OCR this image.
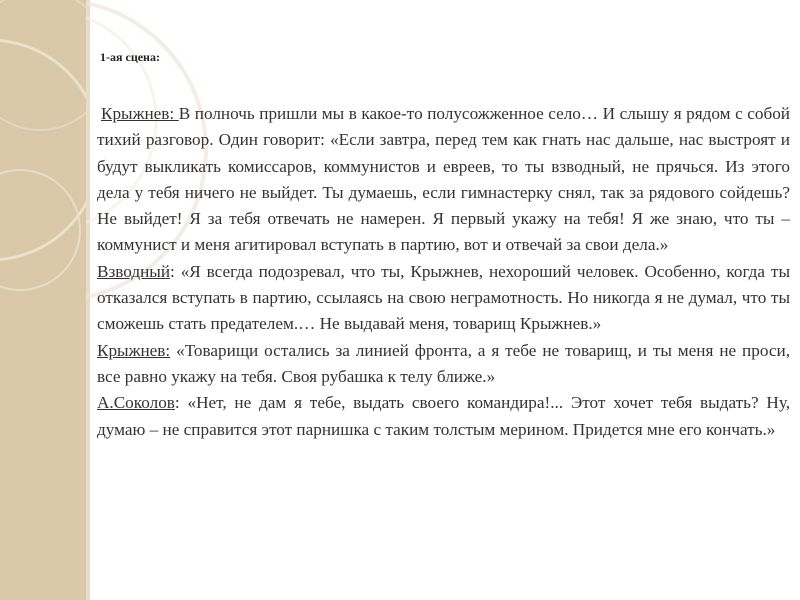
1-ая сцена:

Крыжнев: В полночь пришли мы в какое-то полусожженное село… И слышу я рядом с собой тихий разговор. Один говорит: «Если завтра, перед тем как гнать нас дальше, нас выстроят и будут выкликать комиссаров, коммунистов и евреев, то ты взводный, не прячься. Из этого дела у тебя ничего не выйдет. Ты думаешь, если гимнастерку снял, так за рядового сойдешь? Не выйдет! Я за тебя отвечать не намерен. Я первый укажу на тебя! Я же знаю, что ты – коммунист и меня агитировал вступать в партию, вот и отвечай за свои дела.»

Взводный: «Я всегда подозревал, что ты, Крыжнев, нехороший человек. Особенно, когда ты отказался вступать в партию, ссылаясь на свою неграмотность. Но никогда я не думал, что ты сможешь стать предателем.… Не выдавай меня, товарищ Крыжнев.»

Крыжнев: «Товарищи остались за линией фронта, а я тебе не товарищ, и ты меня не проси, все равно укажу на тебя. Своя рубашка к телу ближе.»

А.Соколов: «Нет, не дам я тебе, выдать своего командира!... Этот хочет тебя выдать? Ну, думаю – не справится этот парнишка с таким толстым мерином. Придется мне его кончать.»
